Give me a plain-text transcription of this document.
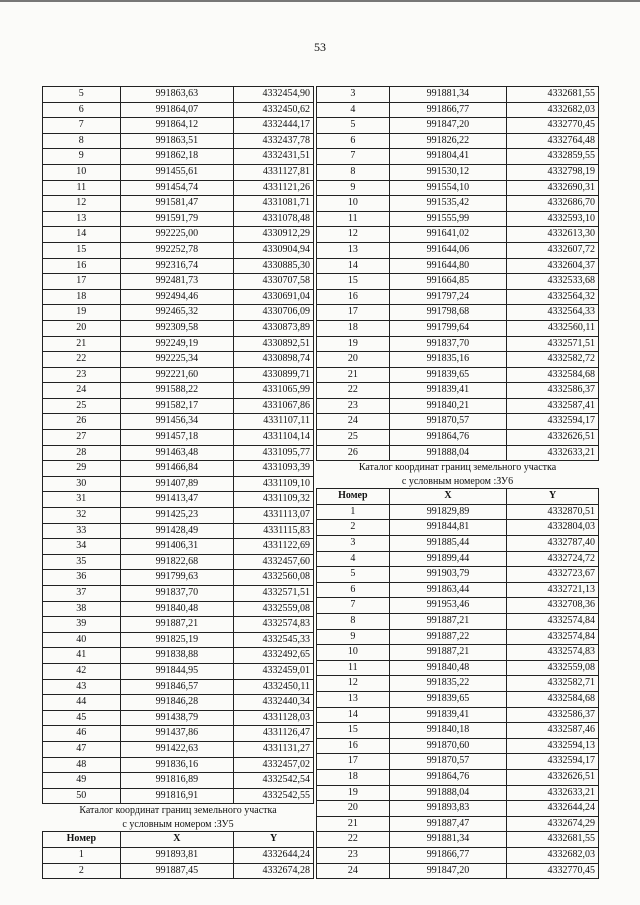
53
5	991863,63	4332454,90
6	991864,07	4332450,62
7	991864,12	4332444,17
8	991863,51	4332437,78
9	991862,18	4332431,51
10	991455,61	4331127,81
11	991454,74	4331121,26
12	991581,47	4331081,71
13	991591,79	4331078,48
14	992225,00	4330912,29
15	992252,78	4330904,94
16	992316,74	4330885,30
17	992481,73	4330707,58
18	992494,46	4330691,04
19	992465,32	4330706,09
20	992309,58	4330873,89
21	992249,19	4330892,51
22	992225,34	4330898,74
23	992221,60	4330899,71
24	991588,22	4331065,99
25	991582,17	4331067,86
26	991456,34	4331107,11
27	991457,18	4331104,14
28	991463,48	4331095,77
29	991466,84	4331093,39
30	991407,89	4331109,10
31	991413,47	4331109,32
32	991425,23	4331113,07
33	991428,49	4331115,83
34	991406,31	4331122,69
35	991822,68	4332457,60
36	991799,63	4332560,08
37	991837,70	4332571,51
38	991840,48	4332559,08
39	991887,21	4332574,83
40	991825,19	4332545,33
41	991838,88	4332492,65
42	991844,95	4332459,01
43	991846,57	4332450,11
44	991846,28	4332440,34
45	991438,79	4331128,03
46	991437,86	4331126,47
47	991422,63	4331131,27
48	991836,16	4332457,02
49	991816,89	4332542,54
50	991816,91	4332542,55
Каталог координат границ земельного участка
с условным номером :ЗУ5
Номер	X	Y
1	991893,81	4332644,24
2	991887,45	4332674,28
3	991881,34	4332681,55
4	991866,77	4332682,03
5	991847,20	4332770,45
6	991826,22	4332764,48
7	991804,41	4332859,55
8	991530,12	4332798,19
9	991554,10	4332690,31
10	991535,42	4332686,70
11	991555,99	4332593,10
12	991641,02	4332613,30
13	991644,06	4332607,72
14	991644,80	4332604,37
15	991664,85	4332533,68
16	991797,24	4332564,32
17	991798,68	4332564,33
18	991799,64	4332560,11
19	991837,70	4332571,51
20	991835,16	4332582,72
21	991839,65	4332584,68
22	991839,41	4332586,37
23	991840,21	4332587,41
24	991870,57	4332594,17
25	991864,76	4332626,51
26	991888,04	4332633,21
Каталог координат границ земельного участка
с условным номером :ЗУ6
Номер	X	Y
1	991829,89	4332870,51
2	991844,81	4332804,03
3	991885,44	4332787,40
4	991899,44	4332724,72
5	991903,79	4332723,67
6	991863,44	4332721,13
7	991953,46	4332708,36
8	991887,21	4332574,84
9	991887,22	4332574,84
10	991887,21	4332574,83
11	991840,48	4332559,08
12	991835,22	4332582,71
13	991839,65	4332584,68
14	991839,41	4332586,37
15	991840,18	4332587,46
16	991870,60	4332594,13
17	991870,57	4332594,17
18	991864,76	4332626,51
19	991888,04	4332633,21
20	991893,83	4332644,24
21	991887,47	4332674,29
22	991881,34	4332681,55
23	991866,77	4332682,03
24	991847,20	4332770,45
